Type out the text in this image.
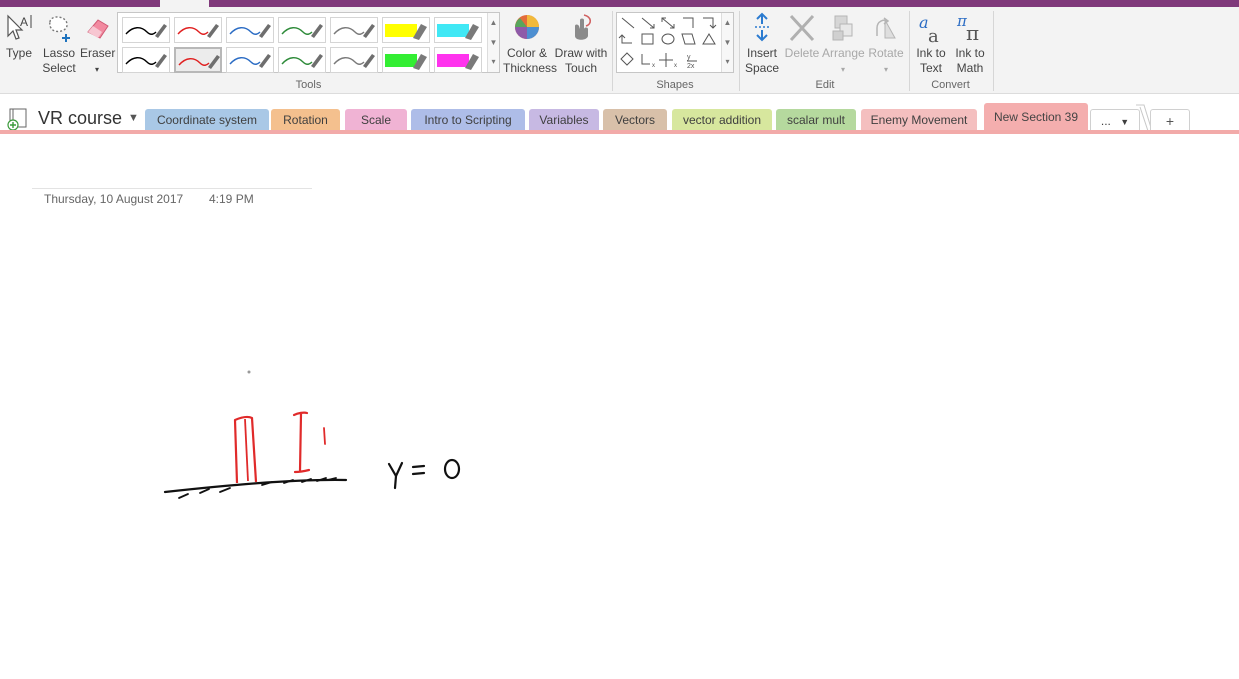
A
Type Lasso
Select
Eraser
▾
▲
▼
▾
Tools
Color &
Thickness
Draw with
Touch	x	x
y
2x
▲
▼
▾
Shapes
Insert
Space
Delete Arrange
▾
Rotate
▾
Edit
a
a
Ink to
Text
π π
Ink to
Math
Convert
VR course ▼	Coordinate system	Rotation	Scale	Intro to Scripting	Variables	Vectors	vector addition	scalar mult	Enemy Movement	New Section 39	... ▼	+
Thursday, 10 August 2017 4:19 PM
